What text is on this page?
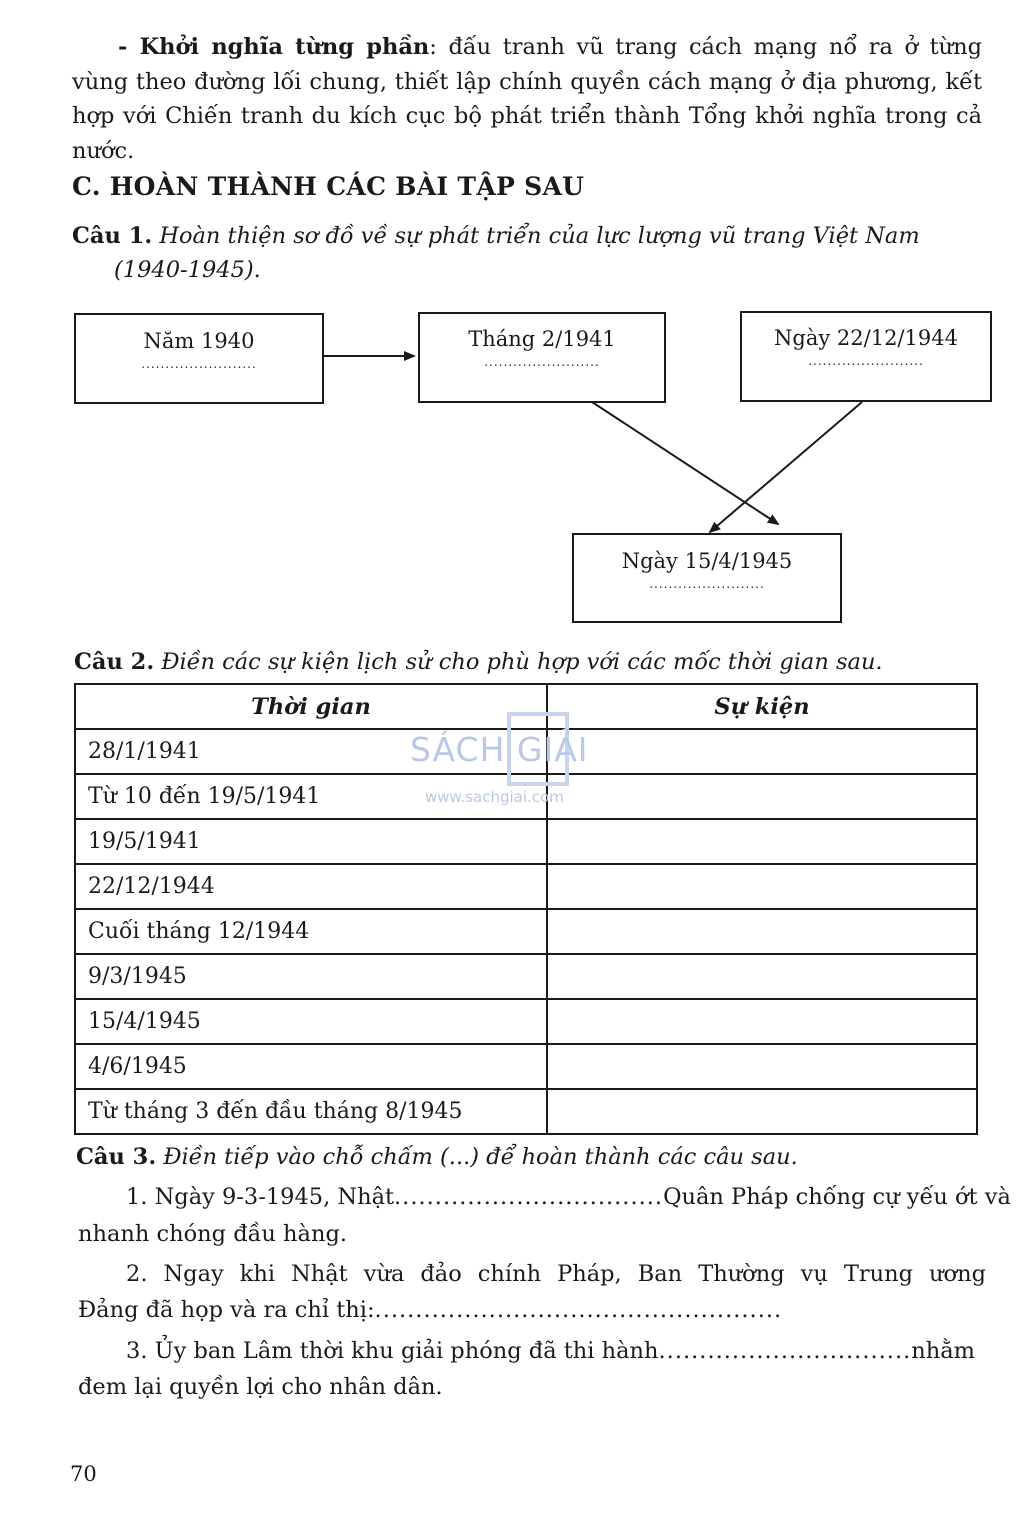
- Khởi nghĩa từng phần: đấu tranh vũ trang cách mạng nổ ra ở từng vùng theo đường lối chung, thiết lập chính quyền cách mạng ở địa phương, kết hợp với Chiến tranh du kích cục bộ phát triển thành Tổng khởi nghĩa trong cả nước.
C. HOÀN THÀNH CÁC BÀI TẬP SAU
Câu 1. Hoàn thiện sơ đồ về sự phát triển của lực lượng vũ trang Việt Nam
(1940-1945).
Năm 1940
........................
Tháng 2/1941
........................
Ngày 22/12/1944
........................
Ngày 15/4/1945
........................
Câu 2. Điền các sự kiện lịch sử cho phù hợp với các mốc thời gian sau.
Thời gian	Sự kiện
28/1/1941	
Từ 10 đến 19/5/1941	
19/5/1941	
22/12/1944	
Cuối tháng 12/1944	
9/3/1945	
15/4/1945	
4/6/1945	
Từ tháng 3 đến đầu tháng 8/1945	
SÁCH GIẢI
www.sachgiai.com
Câu 3. Điền tiếp vào chỗ chấm (...) để hoàn thành các câu sau.
1. Ngày 9-3-1945, Nhật.................................Quân Pháp chống cự yếu ớt và
nhanh chóng đầu hàng.
2. Ngay khi Nhật vừa đảo chính Pháp, Ban Thường vụ Trung ương
Đảng đã họp và ra chỉ thị:..................................................
3. Ủy ban Lâm thời khu giải phóng đã thi hành...............................nhằm
đem lại quyền lợi cho nhân dân.
70
